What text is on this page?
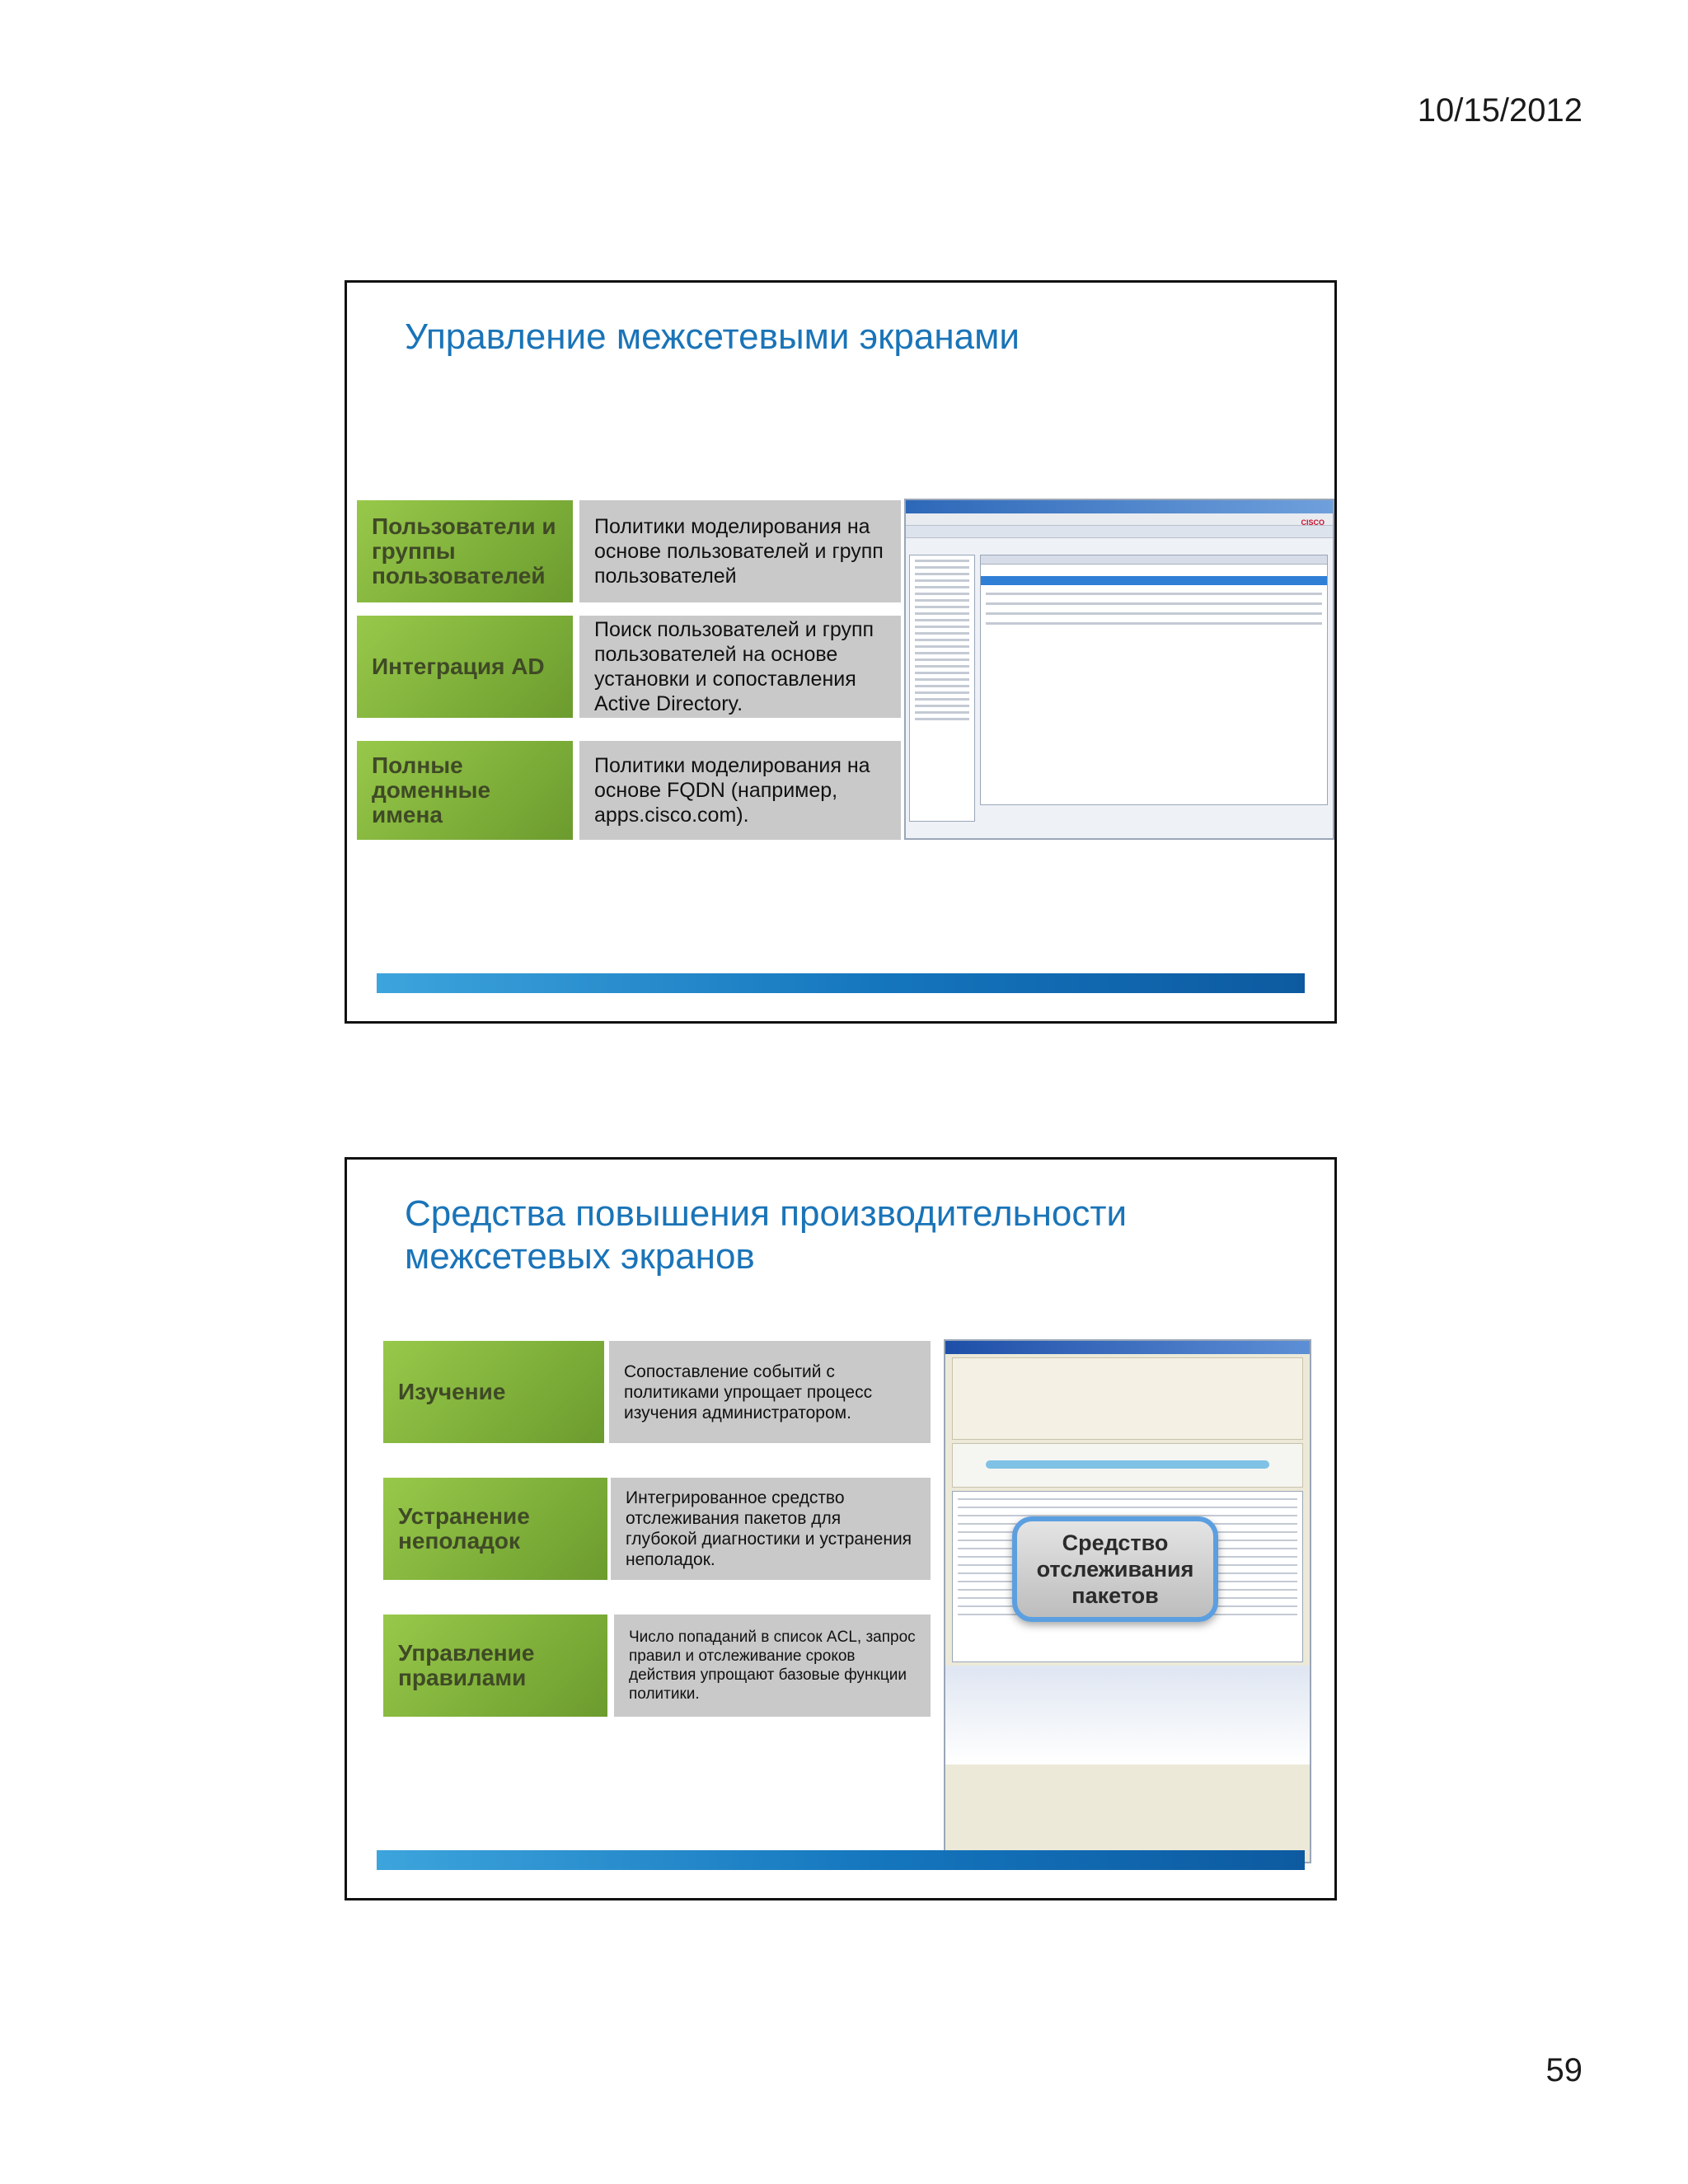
10/15/2012
Управление межсетевыми экранами
Пользователи и группы пользователей
Политики моделирования на основе пользователей и групп пользователей
Интеграция AD
Поиск пользователей и групп пользователей на основе установки и сопоставления Active Directory.
Полные доменные имена
Политики моделирования на основе FQDN (например, apps.cisco.com).
CISCO
Средства повышения производительности межсетевых экранов
Изучение
Сопоставление событий с политиками упрощает процесс изучения администратором.
Устранение неполадок
Интегрированное средство отслеживания пакетов для глубокой диагностики и устранения неполадок.
Управление правилами
Число попаданий в список ACL, запрос правил и отслеживание сроков действия упрощают базовые функции политики.
Средство отслеживания пакетов
59
